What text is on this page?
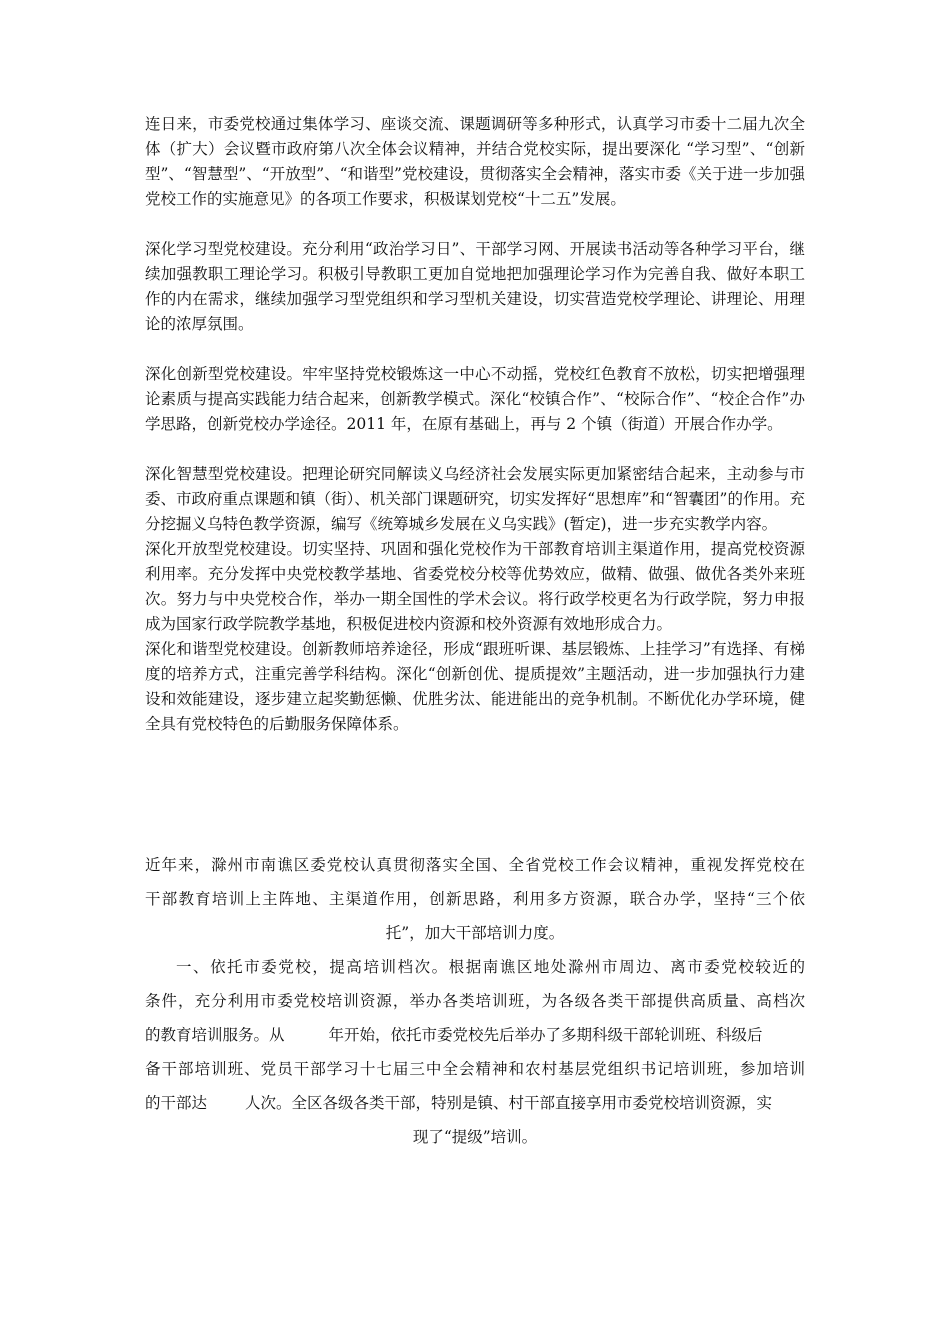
连日来，市委党校通过集体学习、座谈交流、课题调研等多种形式，认真学习市委十二届九次全体（扩大）会议暨市政府第八次全体会议精神，并结合党校实际，提出要深化 “学习型”、“创新型”、“智慧型”、“开放型”、“和谐型”党校建设，贯彻落实全会精神，落实市委《关于进一步加强党校工作的实施意见》的各项工作要求，积极谋划党校“十二五”发展。

深化学习型党校建设。充分利用“政治学习日”、干部学习网、开展读书活动等各种学习平台，继续加强教职工理论学习。积极引导教职工更加自觉地把加强理论学习作为完善自我、做好本职工作的内在需求，继续加强学习型党组织和学习型机关建设，切实营造党校学理论、讲理论、用理论的浓厚氛围。

深化创新型党校建设。牢牢坚持党校锻炼这一中心不动摇，党校红色教育不放松，切实把增强理论素质与提高实践能力结合起来，创新教学模式。深化“校镇合作”、“校际合作”、“校企合作”办学思路，创新党校办学途径。2011 年，在原有基础上，再与 2 个镇（街道）开展合作办学。

深化智慧型党校建设。把理论研究同解读义乌经济社会发展实际更加紧密结合起来，主动参与市委、市政府重点课题和镇（街）、机关部门课题研究，切实发挥好“思想库”和“智囊团”的作用。充分挖掘义乌特色教学资源，编写《统筹城乡发展在义乌实践》(暂定)，进一步充实教学内容。

深化开放型党校建设。切实坚持、巩固和强化党校作为干部教育培训主渠道作用，提高党校资源利用率。充分发挥中央党校教学基地、省委党校分校等优势效应，做精、做强、做优各类外来班次。努力与中央党校合作，举办一期全国性的学术会议。将行政学校更名为行政学院，努力申报成为国家行政学院教学基地，积极促进校内资源和校外资源有效地形成合力。

深化和谐型党校建设。创新教师培养途径，形成“跟班听课、基层锻炼、上挂学习”有选择、有梯度的培养方式，注重完善学科结构。深化“创新创优、提质提效”主题活动，进一步加强执行力建设和效能建设，逐步建立起奖勤惩懒、优胜劣汰、能进能出的竞争机制。不断优化办学环境，健全具有党校特色的后勤服务保障体系。

近年来，滁州市南谯区委党校认真贯彻落实全国、全省党校工作会议精神，重视发挥党校在
干部教育培训上主阵地、主渠道作用，创新思路，利用多方资源，联合办学，坚持“三个依
托”，加大干部培训力度。

一、依托市委党校，提高培训档次。根据南谯区地处滁州市周边、离市委党校较近的
条件，充分利用市委党校培训资源，举办各类培训班，为各级各类干部提供高质量、高档次
的教育培训服务。从	年开始，依托市委党校先后举办了多期科级干部轮训班、科级后
备干部培训班、党员干部学习十七届三中全会精神和农村基层党组织书记培训班，参加培训
的干部达 人次。全区各级各类干部，特别是镇、村干部直接享用市委党校培训资源，实
现了“提级”培训。
